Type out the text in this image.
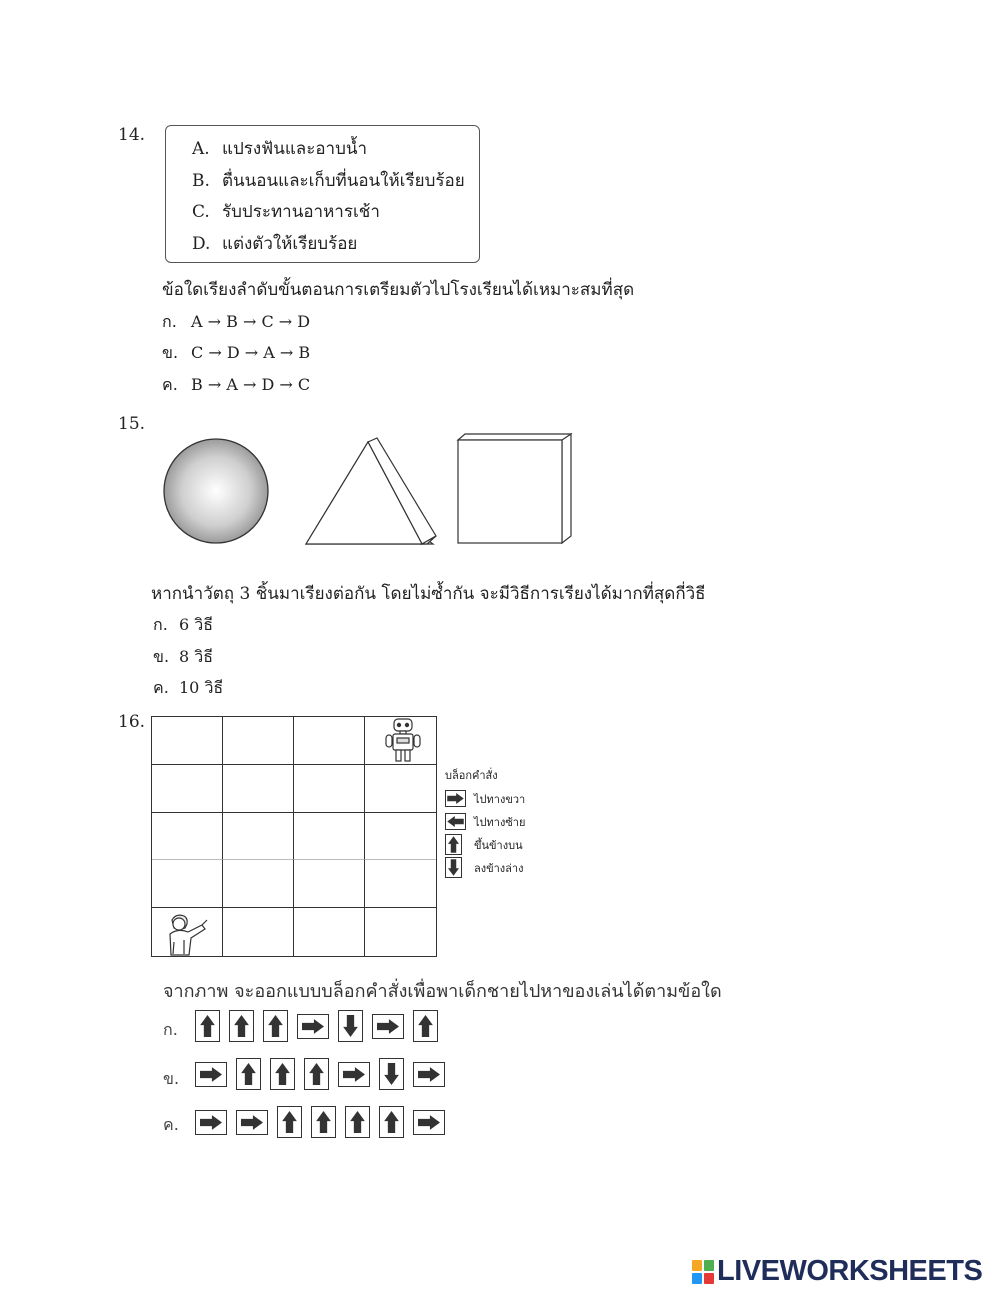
14.
A. แปรงฟันและอาบน้ำ
B. ตื่นนอนและเก็บที่นอนให้เรียบร้อย
C. รับประทานอาหารเช้า
D. แต่งตัวให้เรียบร้อย
ข้อใดเรียงลำดับขั้นตอนการเตรียมตัวไปโรงเรียนได้เหมาะสมที่สุด
ก. A → B → C → D
ข. C → D → A → B
ค. B → A → D → C
15.
หากนำวัตถุ 3 ชิ้นมาเรียงต่อกัน โดยไม่ซ้ำกัน จะมีวิธีการเรียงได้มากที่สุดกี่วิธี
ก. 6 วิธี
ข. 8 วิธี
ค. 10 วิธี
16.
บล็อกคำสั่ง
ไปทางขวา
ไปทางซ้าย
ขึ้นข้างบน
ลงข้างล่าง
จากภาพ จะออกแบบบล็อกคำสั่งเพื่อพาเด็กชายไปหาของเล่นได้ตามข้อใด
ก.
ข.
ค.
LIVEWORKSHEETS
